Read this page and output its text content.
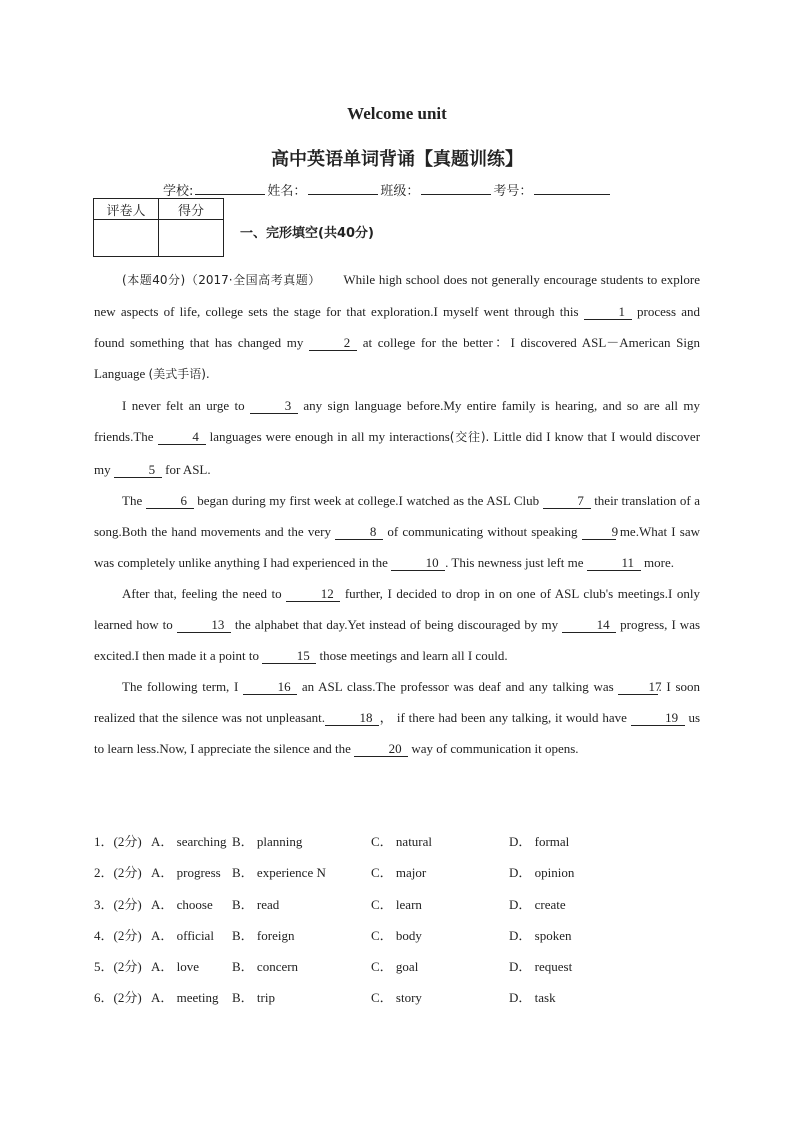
Welcome unit
高中英语单词背诵【真题训练】
学校:	姓名：	班级：	考号：
评卷人	得分

一、完形填空(共40分)

(本题40分)（2017·全国高考真题） While high school does not generally encourage students to explore new aspects of life, college sets the stage for that exploration.I myself went through this	1 process and found something that has changed my	2 at college for the better：I discovered ASL－American Sign Language (美式手语).

I never felt an urge to	3 any sign language before.My entire family is hearing, and so are all my friends.The	4 languages were enough in all my interactions(交往). Little did I know that I would discover my	5 for ASL.

The	6 began during my first week at college.I watched as the ASL Club	7 their translation of a song.Both the hand movements and the very	8 of communicating without speaking	9 me.What I saw was completely unlike anything I had experienced in the	10 . This newness just left me	11 more.

After that, feeling the need to	12 further, I decided to drop in on one of ASL club's meetings.I only learned how to	13 the alphabet that day.Yet instead of being discouraged by my	14 progress, I was excited.I then made it a point to	15 those meetings and learn all I could.

The following term, I	16 an ASL class.The professor was deaf and any talking was	17. I soon realized that the silence was not unpleasant.	18 ， if there had been any talking, it would have	19 us to learn less.Now, I appreciate the silence and the	20 way of communication it opens.

1．(2分) A． searching B． planning	C． natural	D． formal
2．(2分) A． progress B． experience N	C． major	D． opinion
3．(2分) A． choose B． read	C． learn	D． create
4．(2分) A． official B． foreign	C． body	D． spoken
5．(2分) A． love	B． concern	C． goal	D． request
6．(2分) A． meeting B． trip	C． story	D． task
